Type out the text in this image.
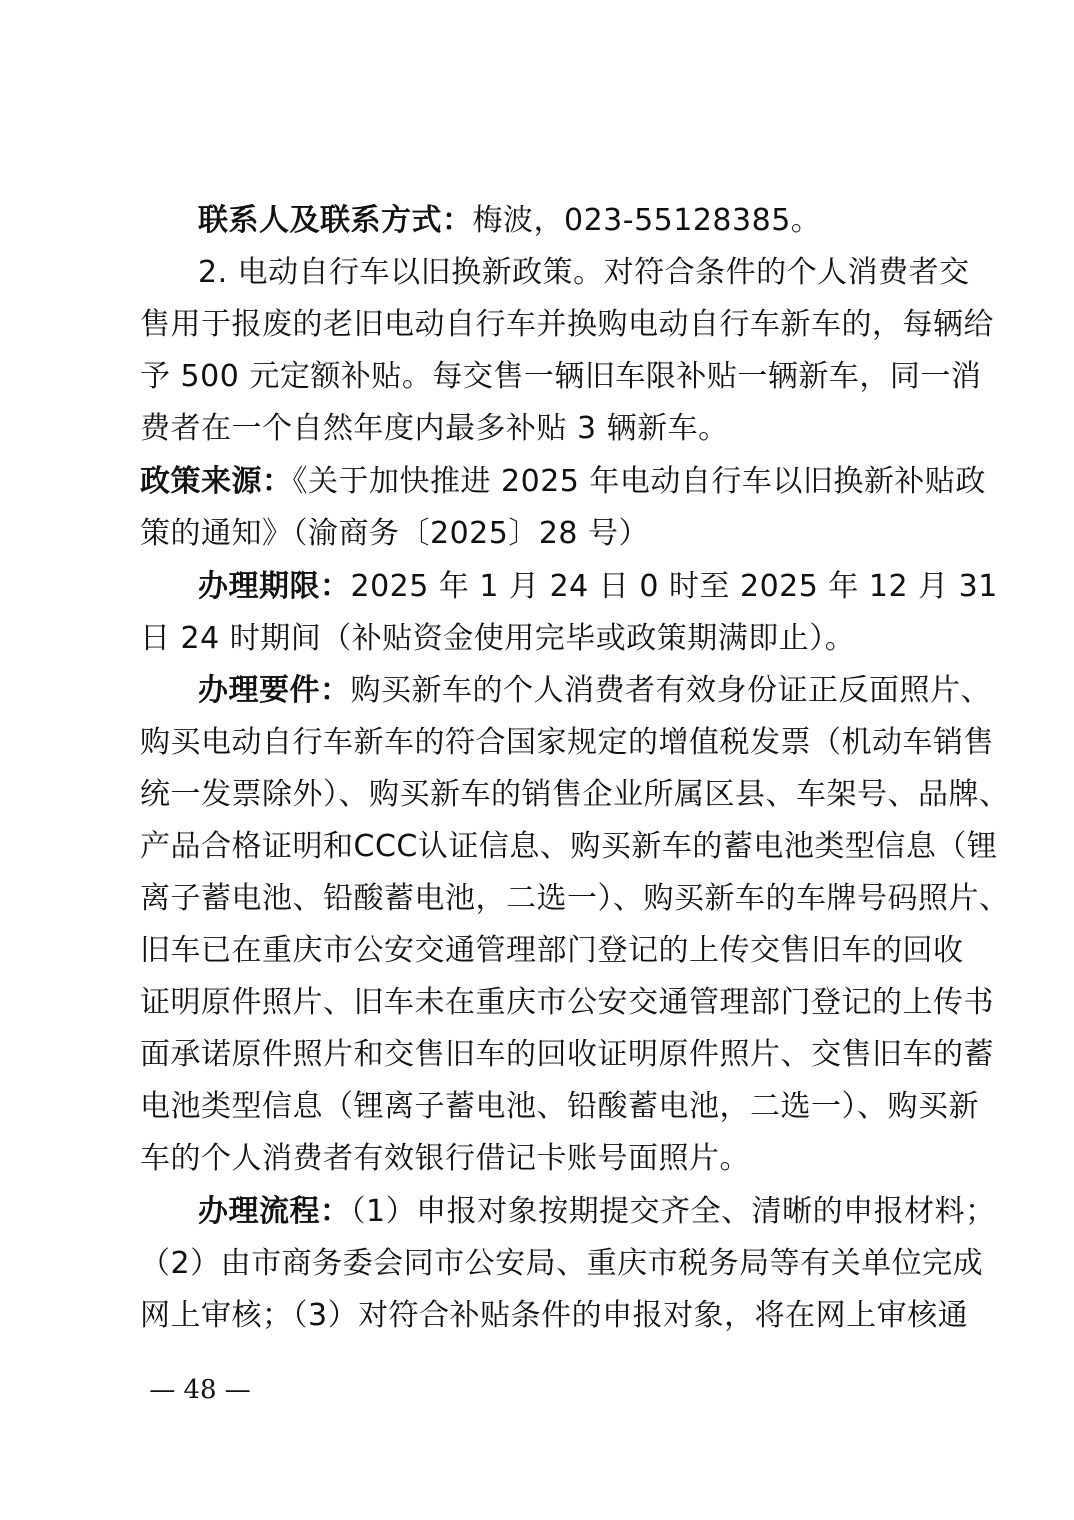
联系人及联系方式：梅波，023-55128385。
2. 电动自行车以旧换新政策。对符合条件的个人消费者交
售用于报废的老旧电动自行车并换购电动自行车新车的，每辆给
予 500 元定额补贴。每交售一辆旧车限补贴一辆新车，同一消
费者在一个自然年度内最多补贴 3 辆新车。
政策来源：《关于加快推进 2025 年电动自行车以旧换新补贴政
策的通知》（渝商务〔2025〕28 号）
办理期限：2025 年 1 月 24 日 0 时至 2025 年 12 月 31
日 24 时期间（补贴资金使用完毕或政策期满即止）。
办理要件：购买新车的个人消费者有效身份证正反面照片、
购买电动自行车新车的符合国家规定的增值税发票（机动车销售
统一发票除外）、购买新车的销售企业所属区县、车架号、品牌、
产品合格证明和CCC认证信息、购买新车的蓄电池类型信息（锂
离子蓄电池、铅酸蓄电池，二选一）、购买新车的车牌号码照片、
旧车已在重庆市公安交通管理部门登记的上传交售旧车的回收
证明原件照片、旧车未在重庆市公安交通管理部门登记的上传书
面承诺原件照片和交售旧车的回收证明原件照片、交售旧车的蓄
电池类型信息（锂离子蓄电池、铅酸蓄电池，二选一）、购买新
车的个人消费者有效银行借记卡账号面照片。
办理流程：（1）申报对象按期提交齐全、清晰的申报材料；
（2）由市商务委会同市公安局、重庆市税务局等有关单位完成
网上审核；（3）对符合补贴条件的申报对象，将在网上审核通
— 48 —
